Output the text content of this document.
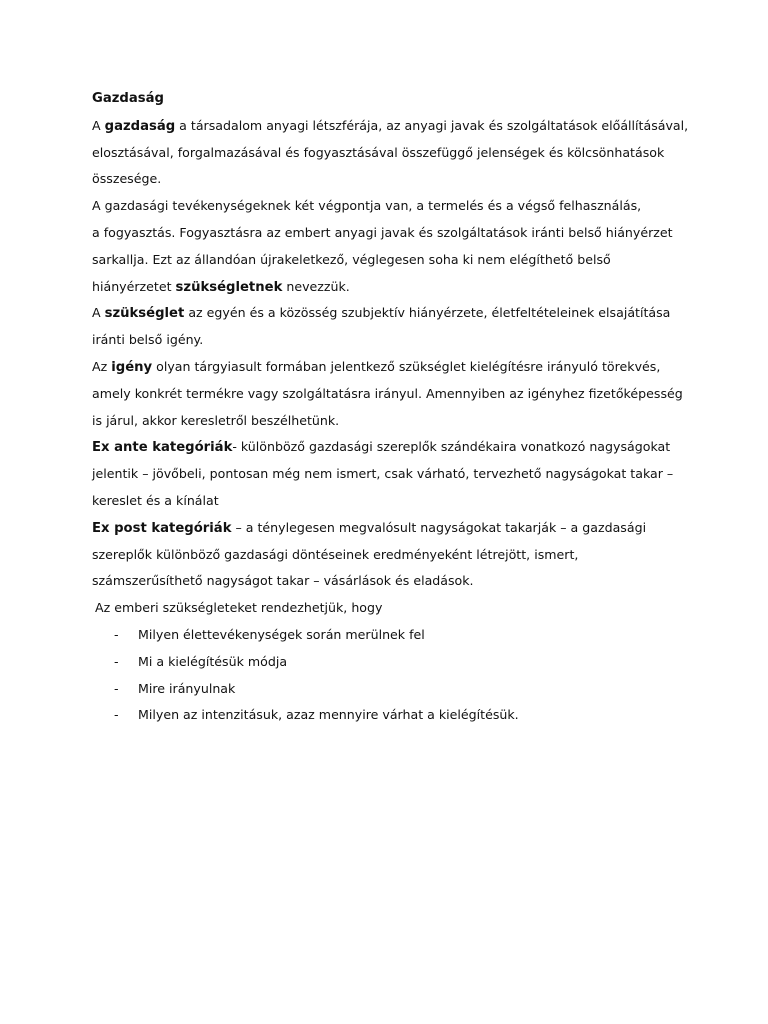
Gazdaság
A gazdaság a társadalom anyagi létszférája, az anyagi javak és szolgáltatások előállításával,
elosztásával, forgalmazásával és fogyasztásával összefüggő jelenségek és kölcsönhatások
összesége.
A gazdasági tevékenységeknek két végpontja van, a termelés és a végső felhasználás,
a fogyasztás. Fogyasztásra az embert anyagi javak és szolgáltatások iránti belső hiányérzet
sarkallja. Ezt az állandóan újrakeletkező, véglegesen soha ki nem elégíthető belső
hiányérzetet szükségletnek nevezzük.
A szükséglet az egyén és a közösség szubjektív hiányérzete, életfeltételeinek elsajátítása
iránti belső igény.
Az igény olyan tárgyiasult formában jelentkező szükséglet kielégítésre irányuló törekvés,
amely konkrét termékre vagy szolgáltatásra irányul. Amennyiben az igényhez fizetőképesség
is járul, akkor keresletről beszélhetünk.
Ex ante kategóriák- különböző gazdasági szereplők szándékaira vonatkozó nagyságokat
jelentik – jövőbeli, pontosan még nem ismert, csak várható, tervezhető nagyságokat takar –
kereslet és a kínálat
Ex post kategóriák – a ténylegesen megvalósult nagyságokat takarják – a gazdasági
szereplők különböző gazdasági döntéseinek eredményeként létrejött, ismert,
számszerűsíthető nagyságot takar – vásárlások és eladások.
Az emberi szükségleteket rendezhetjük, hogy
-	Milyen élettevékenységek során merülnek fel
-	Mi a kielégítésük módja
-	Mire irányulnak
-	Milyen az intenzitásuk, azaz mennyire várhat a kielégítésük.
